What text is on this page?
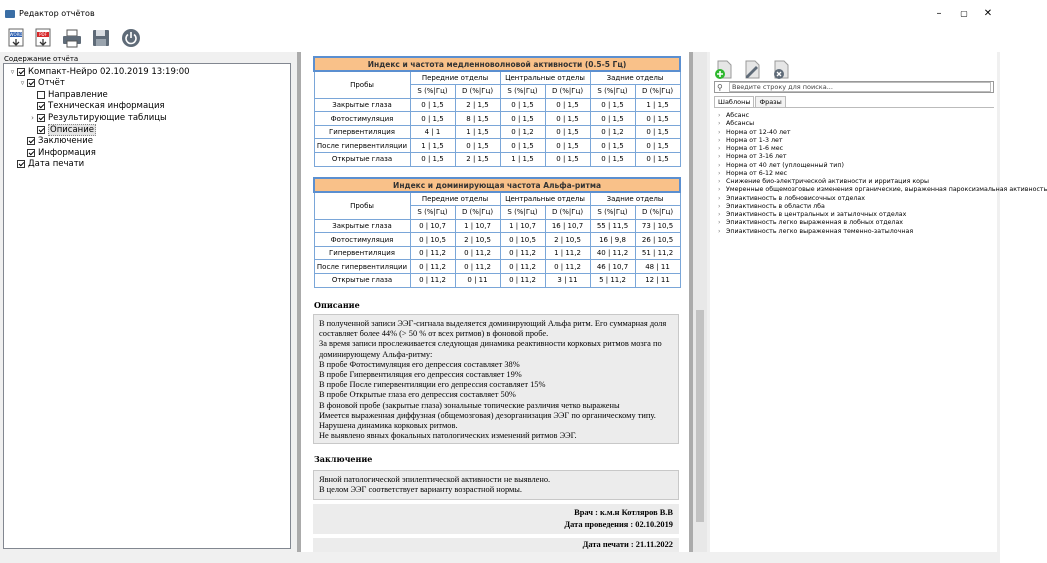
Редактор отчётов	–	▢	✕
WORD	PDF
Содержание отчёта
▿	Компакт-Нейро 02.10.2019 13:19:00
▿	Отчёт
Направление
Техническая информация
›	Результирующие таблицы
Описание
Заключение
Информация
Дата печати
Индекс и частота медленноволновой активности (0.5-5 Гц)						
Пробы	Передние отделы		Центральные отделы		Задние отделы	
	S (%|Гц)	D (%|Гц)	S (%|Гц)	D (%|Гц)	S (%|Гц)	D (%|Гц)
Закрытые глаза	0 | 1,5	2 | 1,5	0 | 1,5	0 | 1,5	0 | 1,5	1 | 1,5
Фотостимуляция	0 | 1,5	8 | 1,5	0 | 1,5	0 | 1,5	0 | 1,5	0 | 1,5
Гипервентиляция	4 | 1	1 | 1,5	0 | 1,2	0 | 1,5	0 | 1,2	0 | 1,5
После гипервентиляции	1 | 1,5	0 | 1,5	0 | 1,5	0 | 1,5	0 | 1,5	0 | 1,5
Открытые глаза	0 | 1,5	2 | 1,5	1 | 1,5	0 | 1,5	0 | 1,5	0 | 1,5
Индекс и доминирующая частота Альфа-ритма						
Пробы	Передние отделы		Центральные отделы		Задние отделы	
	S (%|Гц)	D (%|Гц)	S (%|Гц)	D (%|Гц)	S (%|Гц)	D (%|Гц)
Закрытые глаза	0 | 10,7	1 | 10,7	1 | 10,7	16 | 10,7	55 | 11,5	73 | 10,5
Фотостимуляция	0 | 10,5	2 | 10,5	0 | 10,5	2 | 10,5	16 | 9,8	26 | 10,5
Гипервентиляция	0 | 11,2	0 | 11,2	0 | 11,2	1 | 11,2	40 | 11,2	51 | 11,2
После гипервентиляции	0 | 11,2	0 | 11,2	0 | 11,2	0 | 11,2	46 | 10,7	48 | 11
Открытые глаза	0 | 11,2	0 | 11	0 | 11,2	3 | 11	5 | 11,2	12 | 11
Описание

В полученной записи ЭЭГ-сигнала выделяется доминирующий Альфа ритм. Его суммарная доля

составляет более 44% (> 50 % от всех ритмов) в фоновой пробе.

За время записи прослеживается следующая динамика реактивности корковых ритмов мозга по

доминирующему Альфа-ритму:

В пробе Фотостимуляция его депрессия составляет 38%

В пробе Гипервентиляция его депрессия составляет 19%

В пробе После гипервентиляции его депрессия составляет 15%

В пробе Открытые глаза его депрессия составляет 50%

В фоновой пробе (закрытые глаза) зональные топические различия четко выражены

Имеется выраженная диффузная (общемозговая) дезорганизация ЭЭГ по органическому типу.

Нарушена динамика корковых ритмов.

Не выявлено явных фокальных патологических изменений ритмов ЭЭГ.

Заключение

Явной патологической эпилептической активности не выявлено.

В целом ЭЭГ соответствует варианту возрастной нормы.

Врач : к.м.н Котляров В.В
Дата проведения : 02.10.2019
Дата печати : 21.11.2022
⚲	Введите строку для поиска...
Шаблоны	Фразы
› Абсанс
› Абсансы
› Норма от 12-40 лет
› Норма от 1-3 лет
› Норма от 1-6 мес
› Норма от 3-16 лет
› Норма от 40 лет (уплощенный тип)
› Норма от 6-12 мес
› Снижение био-электрической активности и ирритация коры
› Умеренные общемозговые изменения органические, выраженная пароксизмальная активность
› Эпиактивность в лобновисочных отделах
› Эпиактивность в области лба
› Эпиактивность в центральных и затылочных отделах
› Эпиактивность легко выраженная в лобных отделах
› Эпиактивность легко выраженная теменно-затылочная
